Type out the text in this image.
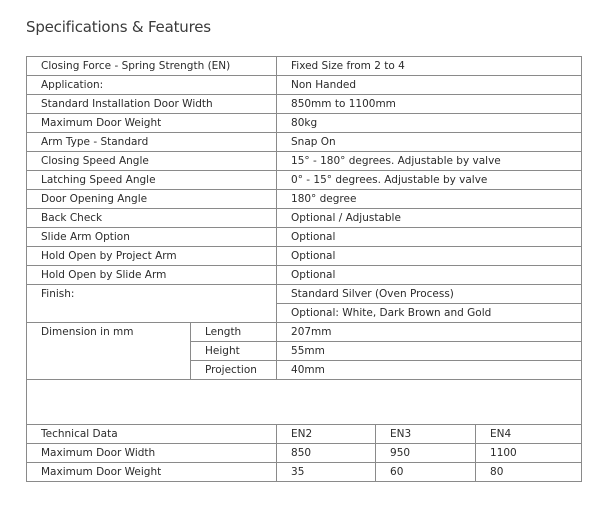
Specifications & Features
Closing Force - Spring Strength (EN)		Fixed Size from 2 to 4		
Application:		Non Handed		
Standard Installation Door Width		850mm to 1100mm		
Maximum Door Weight		80kg		
Arm Type - Standard		Snap On		
Closing Speed Angle		15° - 180° degrees. Adjustable by valve		
Latching Speed Angle		0° - 15° degrees. Adjustable by valve		
Door Opening Angle		180° degree		
Back Check		Optional / Adjustable		
Slide Arm Option		Optional		
Hold Open by Project Arm		Optional		
Hold Open by Slide Arm		Optional		
Finish:		Standard Silver (Oven Process)		
		Optional: White, Dark Brown and Gold		
Dimension in mm	Length	207mm		
	Height	55mm		
	Projection	40mm		

Technical Data		EN2	EN3	EN4
Maximum Door Width		850	950	1100
Maximum Door Weight		35	60	80
